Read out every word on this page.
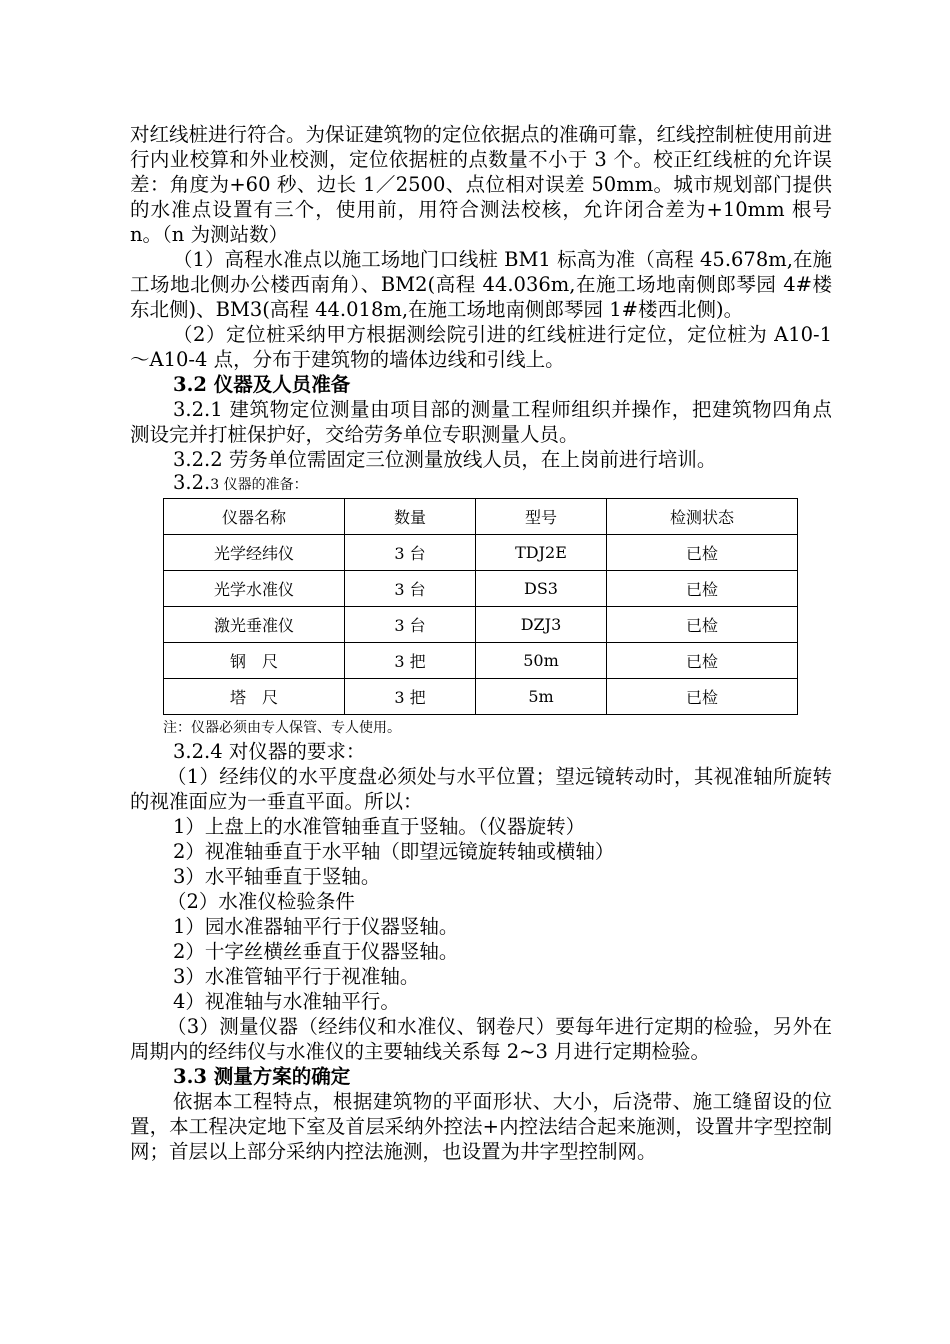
对红线桩进行符合。为保证建筑物的定位依据点的准确可靠，红线控制桩使用前进行内业校算和外业校测，定位依据桩的点数量不小于 3 个。校正红线桩的允许误差：角度为+60 秒、边长 1／2500、点位相对误差 50mm。城市规划部门提供的水准点设置有三个，使用前，用符合测法校核，允许闭合差为+10mm 根号 n。（n 为测站数）

（1）高程水准点以施工场地门口线桩 BM1 标高为准（高程 45.678m,在施工场地北侧办公楼西南角）、BM2(高程 44.036m,在施工场地南侧郎琴园 4#楼东北侧)、BM3(高程 44.018m,在施工场地南侧郎琴园 1#楼西北侧)。

（2）定位桩采纳甲方根据测绘院引进的红线桩进行定位，定位桩为 A10-1～A10-4 点，分布于建筑物的墙体边线和引线上。

3.2 仪器及人员准备

3.2.1 建筑物定位测量由项目部的测量工程师组织并操作，把建筑物四角点测设完并打桩保护好，交给劳务单位专职测量人员。

3.2.2 劳务单位需固定三位测量放线人员，在上岗前进行培训。

3.2.3 仪器的准备：

仪器名称	数量	型号	检测状态
光学经纬仪	3 台	TDJ2E	已检
光学水准仪	3 台	DS3	已检
激光垂准仪	3 台	DZJ3	已检
钢　尺	3 把	50m	已检
塔　尺	3 把	5m	已检

注：仪器必须由专人保管、专人使用。

3.2.4 对仪器的要求：

（1）经纬仪的水平度盘必须处与水平位置；望远镜转动时，其视准轴所旋转的视准面应为一垂直平面。所以：

1）上盘上的水准管轴垂直于竖轴。（仪器旋转）

2）视准轴垂直于水平轴（即望远镜旋转轴或横轴）

3）水平轴垂直于竖轴。

（2）水准仪检验条件

1）园水准器轴平行于仪器竖轴。

2）十字丝横丝垂直于仪器竖轴。

3）水准管轴平行于视准轴。

4）视准轴与水准轴平行。

（3）测量仪器（经纬仪和水准仪、钢卷尺）要每年进行定期的检验，另外在周期内的经纬仪与水准仪的主要轴线关系每 2~3 月进行定期检验。

3.3 测量方案的确定

依据本工程特点，根据建筑物的平面形状、大小，后浇带、施工缝留设的位置，本工程决定地下室及首层采纳外控法+内控法结合起来施测，设置井字型控制网；首层以上部分采纳内控法施测，也设置为井字型控制网。
